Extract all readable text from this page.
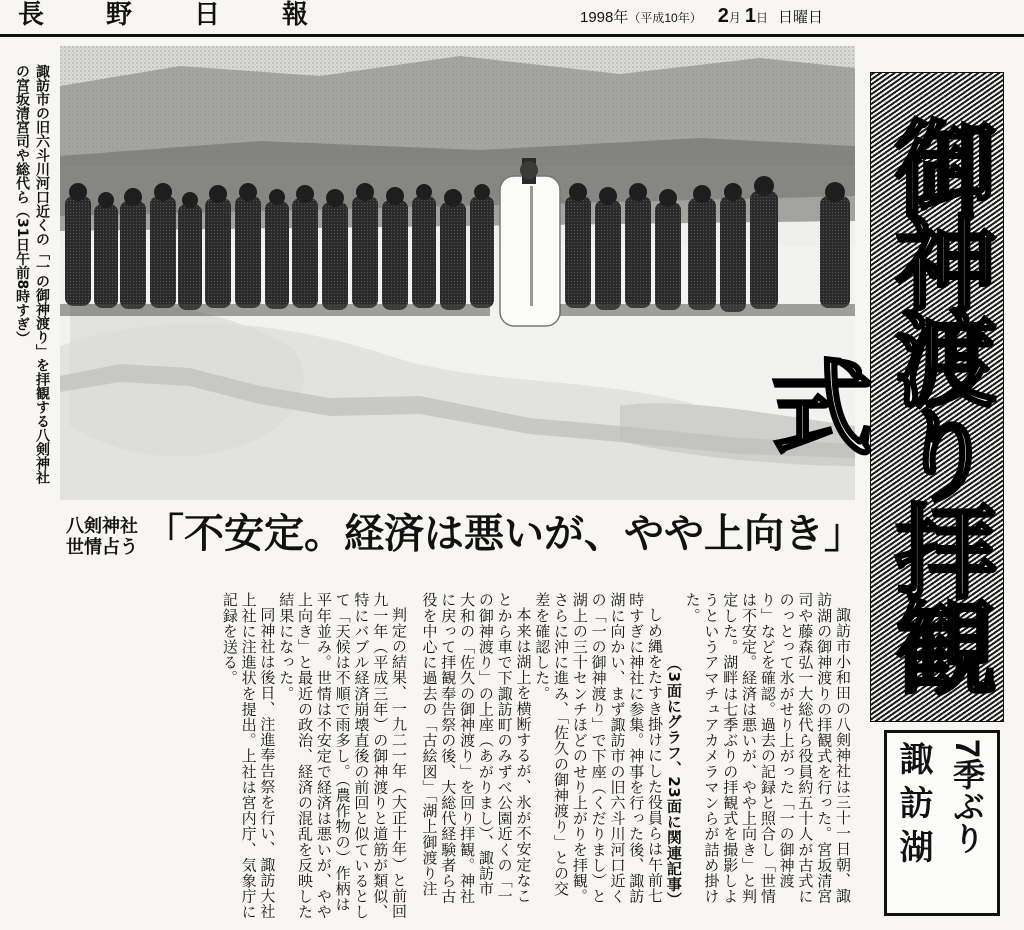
長野日報	1998年（平成10年） 2月 1日 日曜日
諏訪市の旧六斗川河口近くの「一の御神渡り」を拝観する八剣神社の宮坂清宮司や総代ら（31日午前8時すぎ）	御神渡り拝観式
諏訪湖 7季ぶり
八剣神社
世情占う 「不安定。経済は悪いが、やや上向き」

諏訪市小和田の八剣神社は三十一日朝、諏訪湖の御神渡りの拝観式を行った。宮坂清宮司や藤森弘一大総代ら役員約五十人が古式にのっとって氷がせり上がった「一の御神渡り」などを確認。過去の記録と照合し「世情は不安定。経済は悪いが、やや上向き」と判定した。湖畔は七季ぶりの拝観式を撮影しようというアマチュアカメラマンらが詰め掛けた。

（3面にグラフ、23面に関連記事）

しめ縄をたすき掛けにした役員らは午前七時すぎに神社に参集。神事を行った後、諏訪湖に向かい、まず諏訪市の旧六斗川河口近くの「一の御神渡り」で下座（くだりまし）と湖上の三十センチほどのせり上がりを拝観。さらに沖に進み、「佐久の御神渡り」との交差を確認した。

本来は湖上を横断するが、氷が不安定なことから車で下諏訪町のみずべ公園近くの「一の御神渡り」の上座（あがりまし）、諏訪市大和の「佐久の御神渡り」を回り拝観。神社に戻って拝観奉告祭の後、大総代経験者ら古役を中心に過去の「古絵図」「湖上御渡り注

判定の結果、一九二一年（大正十年）と前回九一年（平成三年）の御神渡りと道筋が類似、特にバブル経済崩壊直後の前回と似ているとして「天候は不順で雨多し。（農作物の）作柄は平年並み。世情は不安定で経済は悪いが、やや上向き」と最近の政治、経済の混乱を反映した結果になった。

同神社は後日、注進奉告祭を行い、諏訪大社上社に注進状を提出。上社は宮内庁、気象庁に記録を送る。
